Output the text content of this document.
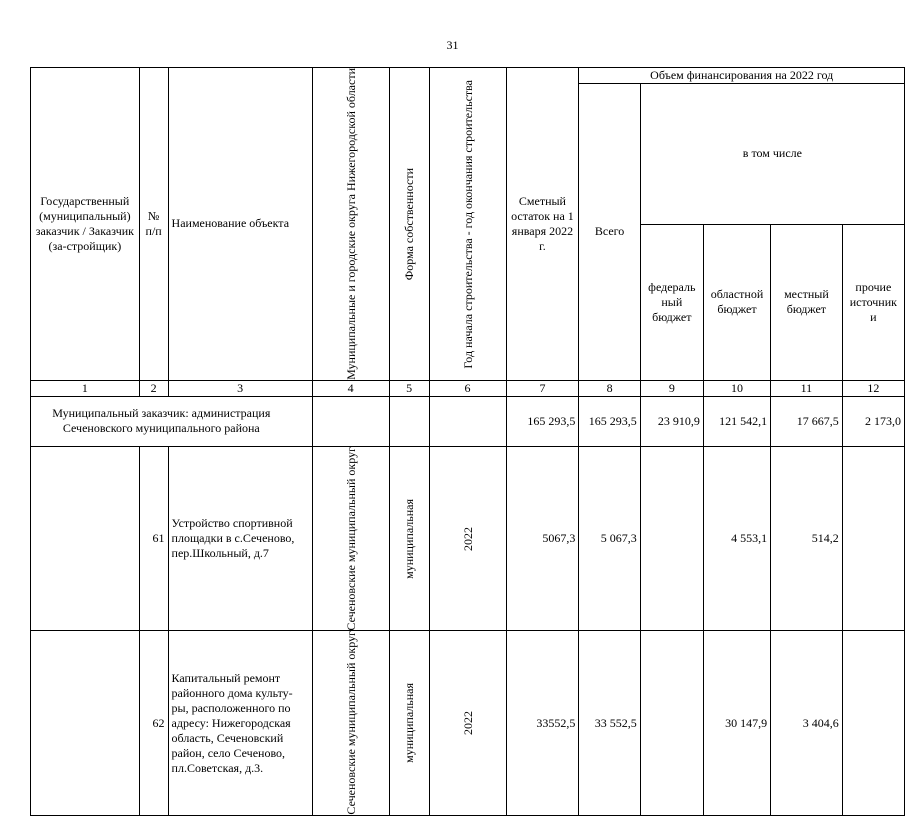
31
Государственный (муниципальный) заказчик / Заказчик (за-стройщик)	№ п/п	Наименование объекта	Муниципальные и городские округа Нижегородской области	Форма собственности	Год начала строительства - год окончания строительства	Сметный остаток на 1 января 2022 г.	Объем финансирования на 2022 год				
							Всего	в том числе			
								федераль ный бюджет	областной бюджет	местный бюджет	прочие источник и
1	2	3	4	5	6	7	8	9	10	11	12
Муниципальный заказчик: администрация Сеченовского муниципального района						165 293,5	165 293,5	23 910,9	121 542,1	17 667,5	2 173,0
	61	Устройство спортивной площадки в с.Сеченово, пер.Школьный, д.7	Сеченовские муниципальный округ	муниципальная	2022	5067,3	5 067,3		4 553,1	514,2	
	62	Капитальный ремонт районного дома культу-ры, расположенного по адресу: Нижегородская область, Сеченовский район, село Сеченово, пл.Советская, д.3.	Сеченовские муниципальный округ	муниципальная	2022	33552,5	33 552,5		30 147,9	3 404,6	
